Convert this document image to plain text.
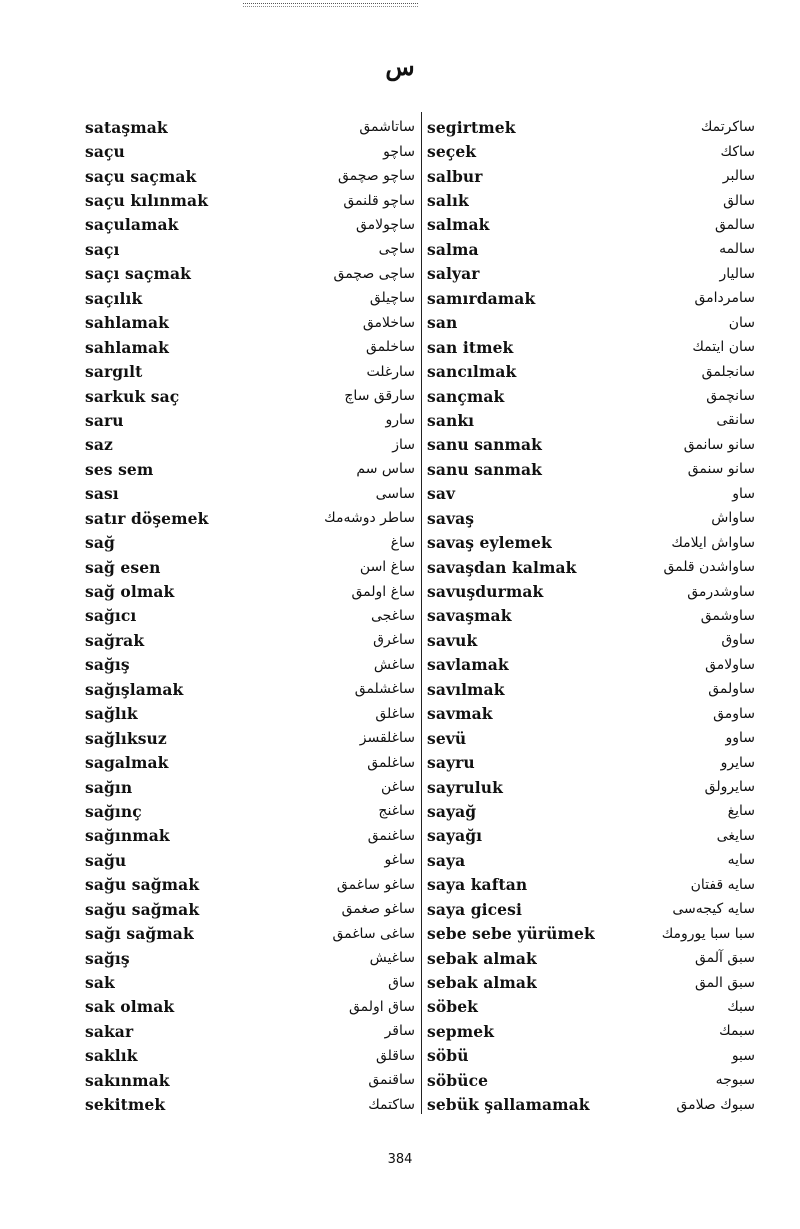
س
sataşmak	ساتاشمق
saçu	ساچو
saçu saçmak	ساچو صچمق
saçu kılınmak	ساچو قلنمق
saçulamak	ساچولامق
saçı	ساچی
saçı saçmak	ساچی صچمق
saçılık	ساچیلق
sahlamak	ساخلامق
sahlamak	ساخلمق
sargılt	سارغلت
sarkuk saç	سارقق ساچ
saru	سارو
saz	ساز
ses sem	ساس سم
sası	ساسی
satır döşemek	ساطر دوشه‌مك
sağ	ساغ
sağ esen	ساغ اسن
sağ olmak	ساغ اولمق
sağıcı	ساغجی
sağrak	ساغرق
sağış	ساغش
sağışlamak	ساغشلمق
sağlık	ساغلق
sağlıksuz	ساغلقسز
sagalmak	ساغلمق
sağın	ساغن
sağınç	ساغنج
sağınmak	ساغنمق
sağu	ساغو
sağu sağmak	ساغو ساغمق
sağu sağmak	ساغو صغمق
sağı sağmak	ساغی ساغمق
sağış	ساغیش
sak	ساق
sak olmak	ساق اولمق
sakar	ساقر
saklık	ساقلق
sakınmak	ساقنمق
sekitmek	ساكتمك
segirtmek	ساكرتمك
seçek	ساكك
salbur	سالبر
salık	سالق
salmak	سالمق
salma	سالمه
salyar	سالیار
samırdamak	سامردامق
san	سان
san itmek	سان ایتمك
sancılmak	سانجلمق
sançmak	سانچمق
sankı	سانقی
sanu sanmak	سانو سانمق
sanu sanmak	سانو سنمق
sav	ساو
savaş	ساواش
savaş eylemek	ساواش ایلامك
savaşdan kalmak	ساواشدن قلمق
savuşdurmak	ساوشدرمق
savaşmak	ساوشمق
savuk	ساوق
savlamak	ساولامق
savılmak	ساولمق
savmak	ساومق
sevü	ساوو
sayru	سایرو
sayruluk	سایرولق
sayağ	سایغ
sayağı	سایغی
saya	سایه
saya kaftan	سایه قفتان
saya gicesi	سایه کیجه‌سی
sebe sebe yürümek	سبا سبا یورومك
sebak almak	سبق آلمق
sebak almak	سبق المق
söbek	سبك
sepmek	سبمك
söbü	سبو
söbüce	سبوجه
sebük şallamamak	سبوك صلامق
384
